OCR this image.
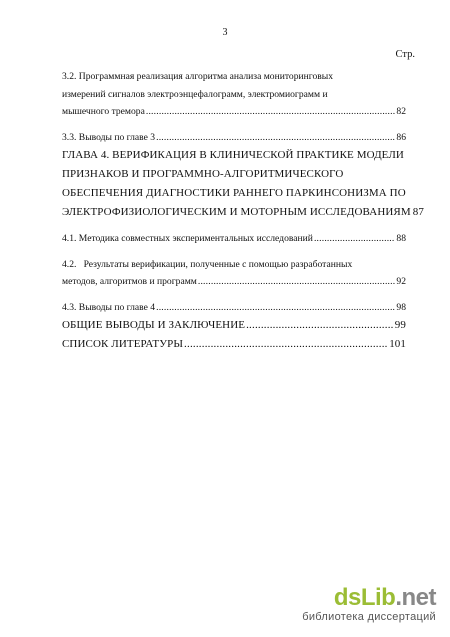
3
Стр.
3.2. Программная реализация алгоритма анализа мониторинговых
измерений сигналов электроэнцефалограмм, электромиограмм и
мышечного тремора .....	82
3.3. Выводы по главе 3 .....	86
ГЛАВА 4. ВЕРИФИКАЦИЯ В КЛИНИЧЕСКОЙ ПРАКТИКЕ МОДЕЛИ
ПРИЗНАКОВ И ПРОГРАММНО-АЛГОРИТМИЧЕСКОГО
ОБЕСПЕЧЕНИЯ ДИАГНОСТИКИ РАННЕГО ПАРКИНСОНИЗМА ПО
ЭЛЕКТРОФИЗИОЛОГИЧЕСКИМ И МОТОРНЫМ ИССЛЕДОВАНИЯМ 87
4.1. Методика совместных экспериментальных исследований .....	88
4.2.   Результаты верификации, полученные с помощью разработанных
методов, алгоритмов и программ .....	92
4.3. Выводы по главе 4 .....	98
ОБЩИЕ ВЫВОДЫ И ЗАКЛЮЧЕНИЕ .....	99
СПИСОК ЛИТЕРАТУРЫ .....	101
dsLib.net
библиотека диссертаций
